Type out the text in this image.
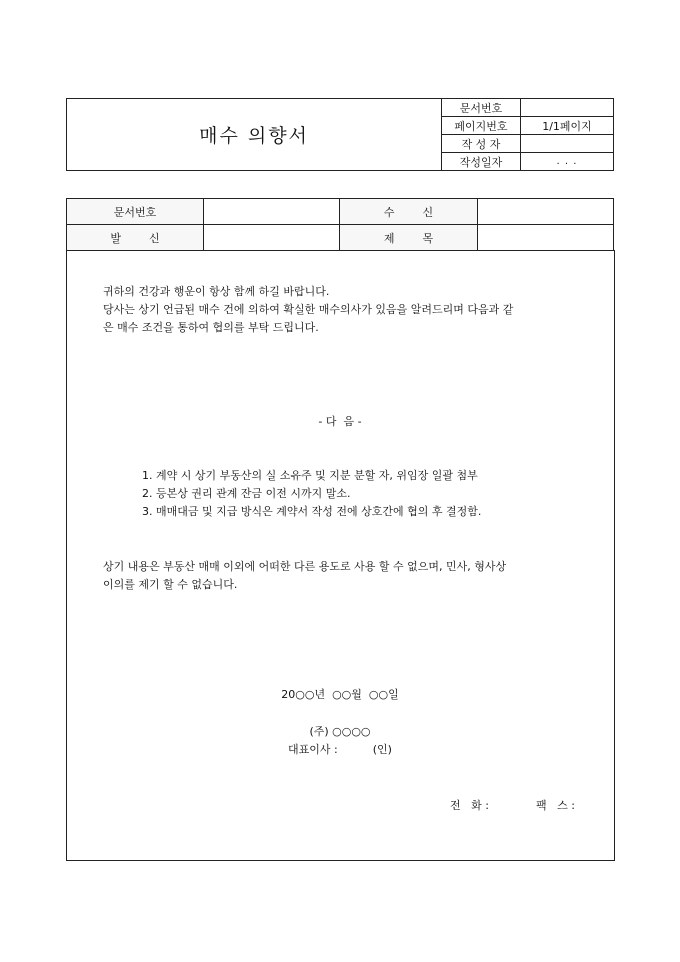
매수 의향서	문서번호	
	페이지번호	1/1페이지
	작 성 자	
	작성일자	. . .
문서번호		수        신	
발        신		제        목	
귀하의 건강과 행운이 항상 함께 하길 바랍니다.
당사는 상기 언급된 매수 건에 의하여 확실한 매수의사가 있음을 알려드리며 다음과 같
은 매수 조건을 통하여 협의를 부탁 드립니다.
- 다  음 -
1. 계약 시 상기 부동산의 실 소유주 및 지분 분할 자, 위임장 일괄 첨부
2. 등본상 권리 관계 잔금 이전 시까지 말소.
3. 매매대금 및 지급 방식은 계약서 작성 전에 상호간에 협의 후 결정함.
상기 내용은 부동산 매매 이외에 어떠한 다른 용도로 사용 할 수 없으며, 민사, 형사상
이의를 제기 할 수 없습니다.
20○○년  ○○월  ○○일
(주) ○○○○
대표이사 :          (인)
전   화 :	팩   스 :
